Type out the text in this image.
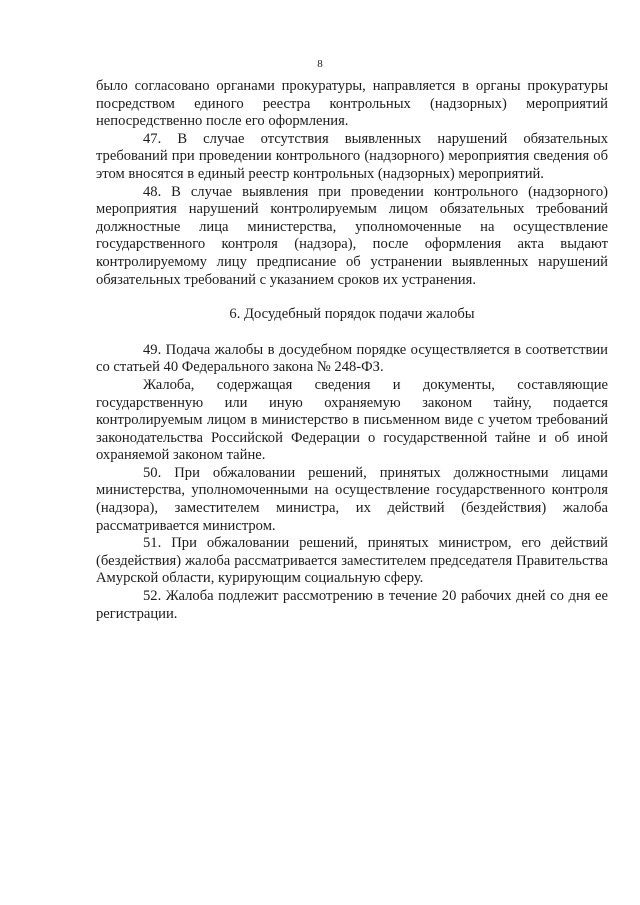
8

было согласовано органами прокуратуры, направляется в органы прокуратуры посредством единого реестра контрольных (надзорных) мероприятий непосредственно после его оформления.

47. В случае отсутствия выявленных нарушений обязательных требований при проведении контрольного (надзорного) мероприятия сведения об этом вносятся в единый реестр контрольных (надзорных) мероприятий.

48. В случае выявления при проведении контрольного (надзорного) мероприятия нарушений контролируемым лицом обязательных требований должностные лица министерства, уполномоченные на осуществление государственного контроля (надзора), после оформления акта выдают контролируемому лицу предписание об устранении выявленных нарушений обязательных требований с указанием сроков их устранения.

6. Досудебный порядок подачи жалобы

49. Подача жалобы в досудебном порядке осуществляется в соответствии со статьей 40 Федерального закона № 248-ФЗ.

Жалоба, содержащая сведения и документы, составляющие государственную или иную охраняемую законом тайну, подается контролируемым лицом в министерство в письменном виде с учетом требований законодательства Российской Федерации о государственной тайне и об иной охраняемой законом тайне.

50. При обжаловании решений, принятых должностными лицами министерства, уполномоченными на осуществление государственного контроля (надзора), заместителем министра, их действий (бездействия) жалоба рассматривается министром.

51. При обжаловании решений, принятых министром, его действий (бездействия) жалоба рассматривается заместителем председателя Правительства Амурской области, курирующим социальную сферу.

52. Жалоба подлежит рассмотрению в течение 20 рабочих дней со дня ее регистрации.
